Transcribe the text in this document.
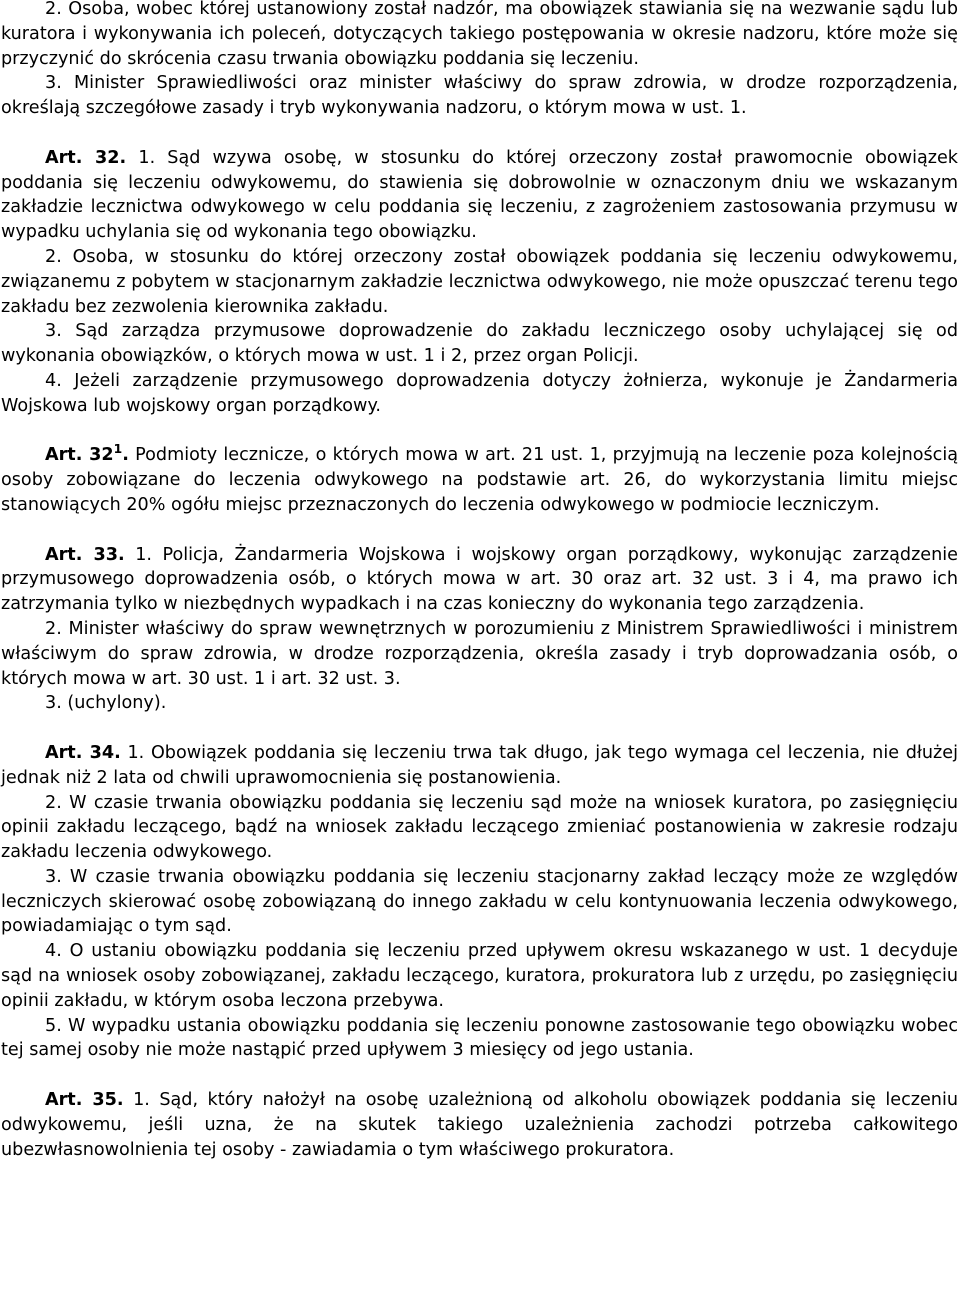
2. Osoba, wobec której ustanowiony został nadzór, ma obowiązek stawiania się na wezwanie sądu lub kuratora i wykonywania ich poleceń, dotyczących takiego postępowania w okresie nadzoru, które może się przyczynić do skrócenia czasu trwania obowiązku poddania się leczeniu.

3. Minister Sprawiedliwości oraz minister właściwy do spraw zdrowia, w drodze rozporządzenia, określają szczegółowe zasady i tryb wykonywania nadzoru, o którym mowa w ust. 1.

Art. 32. 1. Sąd wzywa osobę, w stosunku do której orzeczony został prawomocnie obowiązek poddania się leczeniu odwykowemu, do stawienia się dobrowolnie w oznaczonym dniu we wskazanym zakładzie lecznictwa odwykowego w celu poddania się leczeniu, z zagrożeniem zastosowania przymusu w wypadku uchylania się od wykonania tego obowiązku.

2. Osoba, w stosunku do której orzeczony został obowiązek poddania się leczeniu odwykowemu, związanemu z pobytem w stacjonarnym zakładzie lecznictwa odwykowego, nie może opuszczać terenu tego zakładu bez zezwolenia kierownika zakładu.

3. Sąd zarządza przymusowe doprowadzenie do zakładu leczniczego osoby uchylającej się od wykonania obowiązków, o których mowa w ust. 1 i 2, przez organ Policji.

4. Jeżeli zarządzenie przymusowego doprowadzenia dotyczy żołnierza, wykonuje je Żandarmeria Wojskowa lub wojskowy organ porządkowy.

Art. $32^1$. Podmioty lecznicze, o których mowa w art. 21 ust. 1, przyjmują na leczenie poza kolejnością osoby zobowiązane do leczenia odwykowego na podstawie art. 26, do wykorzystania limitu miejsc stanowiących 20% ogółu miejsc przeznaczonych do leczenia odwykowego w podmiocie leczniczym.

Art. 33. 1. Policja, Żandarmeria Wojskowa i wojskowy organ porządkowy, wykonując zarządzenie przymusowego doprowadzenia osób, o których mowa w art. 30 oraz art. 32 ust. 3 i 4, ma prawo ich zatrzymania tylko w niezbędnych wypadkach i na czas konieczny do wykonania tego zarządzenia.

2. Minister właściwy do spraw wewnętrznych w porozumieniu z Ministrem Sprawiedliwości i ministrem właściwym do spraw zdrowia, w drodze rozporządzenia, określa zasady i tryb doprowadzania osób, o których mowa w art. 30 ust. 1 i art. 32 ust. 3.

3. (uchylony).

Art. 34. 1. Obowiązek poddania się leczeniu trwa tak długo, jak tego wymaga cel leczenia, nie dłużej jednak niż 2 lata od chwili uprawomocnienia się postanowienia.

2. W czasie trwania obowiązku poddania się leczeniu sąd może na wniosek kuratora, po zasięgnięciu opinii zakładu leczącego, bądź na wniosek zakładu leczącego zmieniać postanowienia w zakresie rodzaju zakładu leczenia odwykowego.

3. W czasie trwania obowiązku poddania się leczeniu stacjonarny zakład leczący może ze względów leczniczych skierować osobę zobowiązaną do innego zakładu w celu kontynuowania leczenia odwykowego, powiadamiając o tym sąd.

4. O ustaniu obowiązku poddania się leczeniu przed upływem okresu wskazanego w ust. 1 decyduje sąd na wniosek osoby zobowiązanej, zakładu leczącego, kuratora, prokuratora lub z urzędu, po zasięgnięciu opinii zakładu, w którym osoba leczona przebywa.

5. W wypadku ustania obowiązku poddania się leczeniu ponowne zastosowanie tego obowiązku wobec tej samej osoby nie może nastąpić przed upływem 3 miesięcy od jego ustania.

Art. 35. 1. Sąd, który nałożył na osobę uzależnioną od alkoholu obowiązek poddania się leczeniu odwykowemu, jeśli uzna, że na skutek takiego uzależnienia zachodzi potrzeba całkowitego ubezwłasnowolnienia tej osoby - zawiadamia o tym właściwego prokuratora.
